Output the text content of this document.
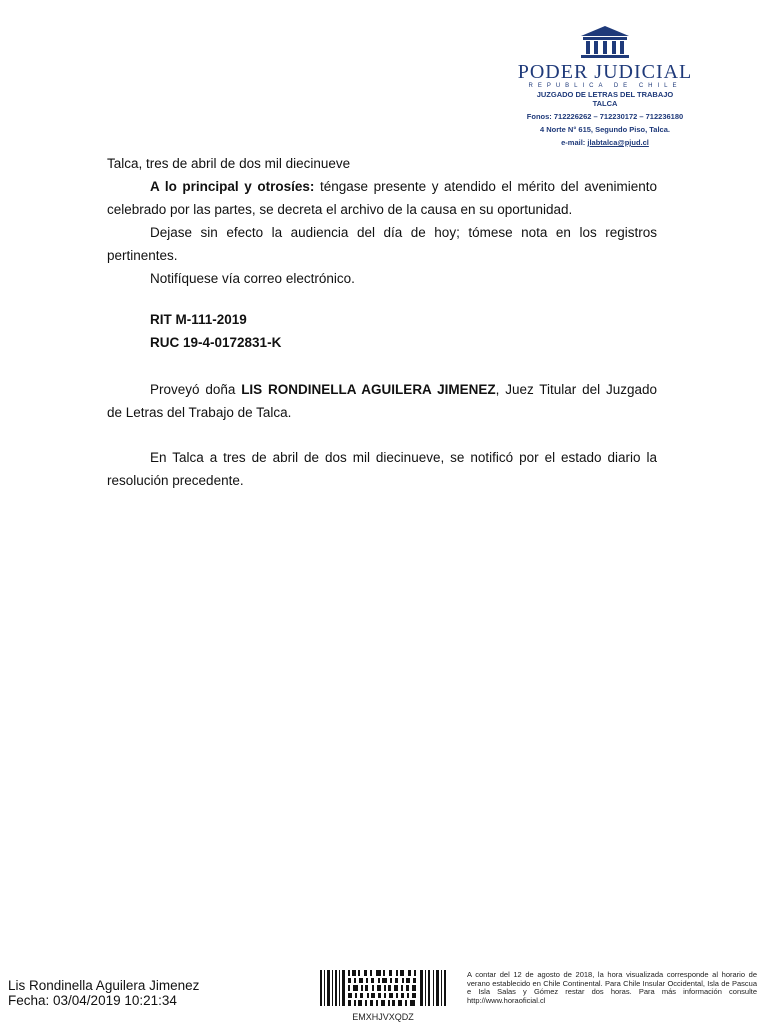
PODER JUDICIAL
REPUBLICA DE CHILE
JUZGADO DE LETRAS DEL TRABAJO
TALCA
Fonos: 712226262 – 712230172 – 712236180
4 Norte N° 615, Segundo Piso, Talca.
e-mail: jlabtalca@pjud.cl

Talca, tres de abril de dos mil diecinueve

A lo principal y otrosíes: téngase presente y atendido el mérito del avenimiento celebrado por las partes, se decreta el archivo de la causa en su oportunidad.

Dejase sin efecto la audiencia del día de hoy; tómese nota en los registros pertinentes.

Notifíquese vía correo electrónico.

RIT M-111-2019

RUC 19-4-0172831-K

Proveyó doña LIS RONDINELLA AGUILERA JIMENEZ, Juez Titular del Juzgado de Letras del Trabajo de Talca.

En Talca a tres de abril de dos mil diecinueve, se notificó por el estado diario la resolución precedente.

Lis Rondinella Aguilera Jimenez
Fecha: 03/04/2019 10:21:34
EMXHJVXQDZ
A contar del 12 de agosto de 2018, la hora visualizada corresponde al horario de verano establecido en Chile Continental. Para Chile Insular Occidental, Isla de Pascua e Isla Salas y Gómez restar dos horas. Para más información consulte http://www.horaoficial.cl
